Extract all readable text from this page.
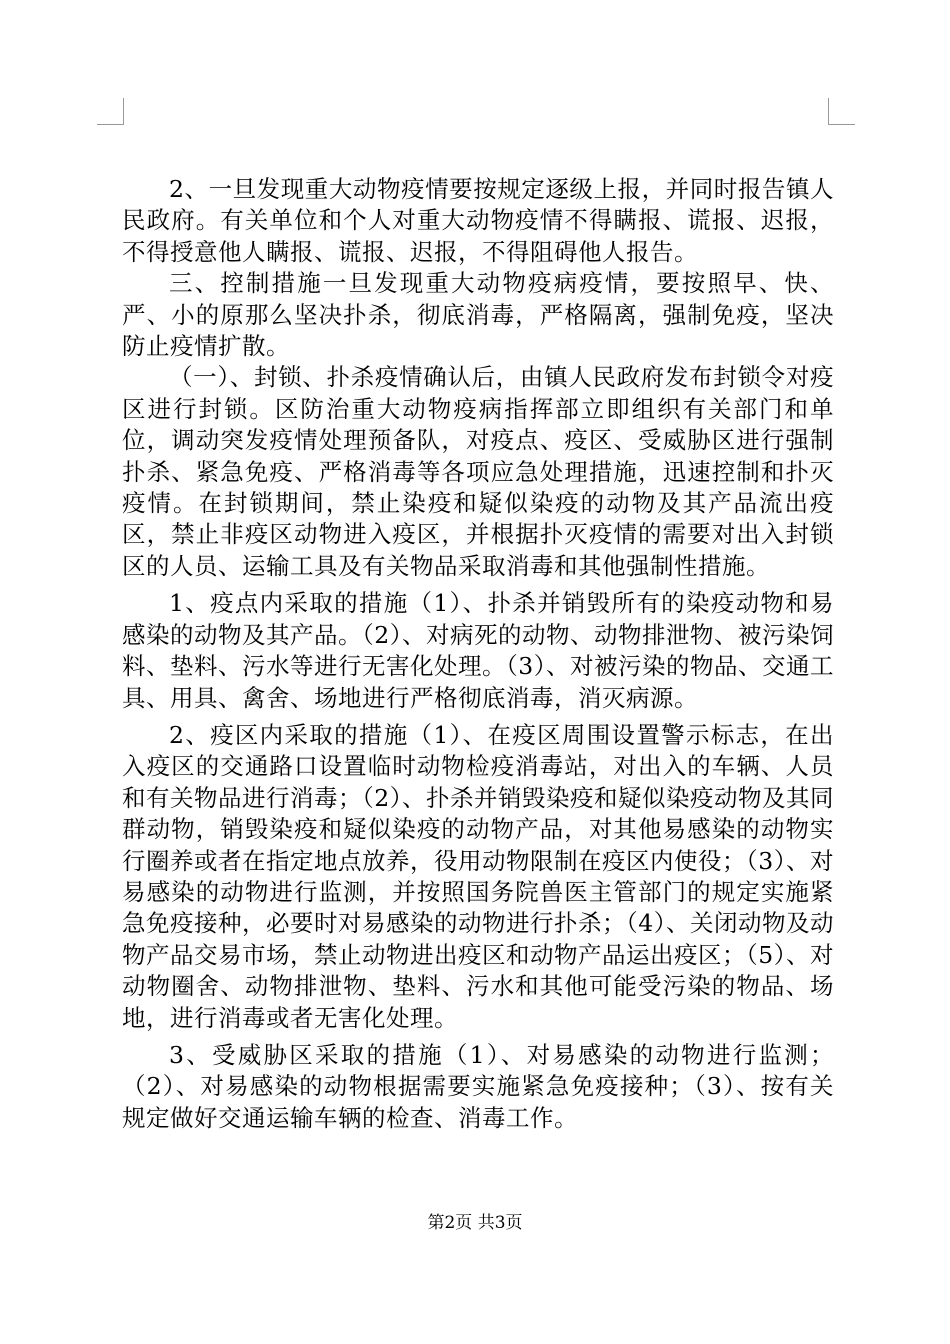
2、一旦发现重大动物疫情要按规定逐级上报，并同时报告镇人民政府。有关单位和个人对重大动物疫情不得瞒报、谎报、迟报，不得授意他人瞒报、谎报、迟报，不得阻碍他人报告。

三、控制措施一旦发现重大动物疫病疫情，要按照早、快、严、小的原那么坚决扑杀，彻底消毒，严格隔离，强制免疫，坚决防止疫情扩散。

（一）、封锁、扑杀疫情确认后，由镇人民政府发布封锁令对疫区进行封锁。区防治重大动物疫病指挥部立即组织有关部门和单位，调动突发疫情处理预备队，对疫点、疫区、受威胁区进行强制扑杀、紧急免疫、严格消毒等各项应急处理措施，迅速控制和扑灭疫情。在封锁期间，禁止染疫和疑似染疫的动物及其产品流出疫区，禁止非疫区动物进入疫区，并根据扑灭疫情的需要对出入封锁区的人员、运输工具及有关物品采取消毒和其他强制性措施。

1、疫点内采取的措施（1）、扑杀并销毁所有的染疫动物和易感染的动物及其产品。（2）、对病死的动物、动物排泄物、被污染饲料、垫料、污水等进行无害化处理。（3）、对被污染的物品、交通工具、用具、禽舍、场地进行严格彻底消毒，消灭病源。

2、疫区内采取的措施（1）、在疫区周围设置警示标志，在出入疫区的交通路口设置临时动物检疫消毒站，对出入的车辆、人员和有关物品进行消毒；（2）、扑杀并销毁染疫和疑似染疫动物及其同群动物，销毁染疫和疑似染疫的动物产品，对其他易感染的动物实行圈养或者在指定地点放养，役用动物限制在疫区内使役；（3）、对易感染的动物进行监测，并按照国务院兽医主管部门的规定实施紧急免疫接种，必要时对易感染的动物进行扑杀；（4）、关闭动物及动物产品交易市场，禁止动物进出疫区和动物产品运出疫区；（5）、对动物圈舍、动物排泄物、垫料、污水和其他可能受污染的物品、场地，进行消毒或者无害化处理。

3、受威胁区采取的措施（1）、对易感染的动物进行监测；（2）、对易感染的动物根据需要实施紧急免疫接种；（3）、按有关规定做好交通运输车辆的检查、消毒工作。

第2页 共3页
